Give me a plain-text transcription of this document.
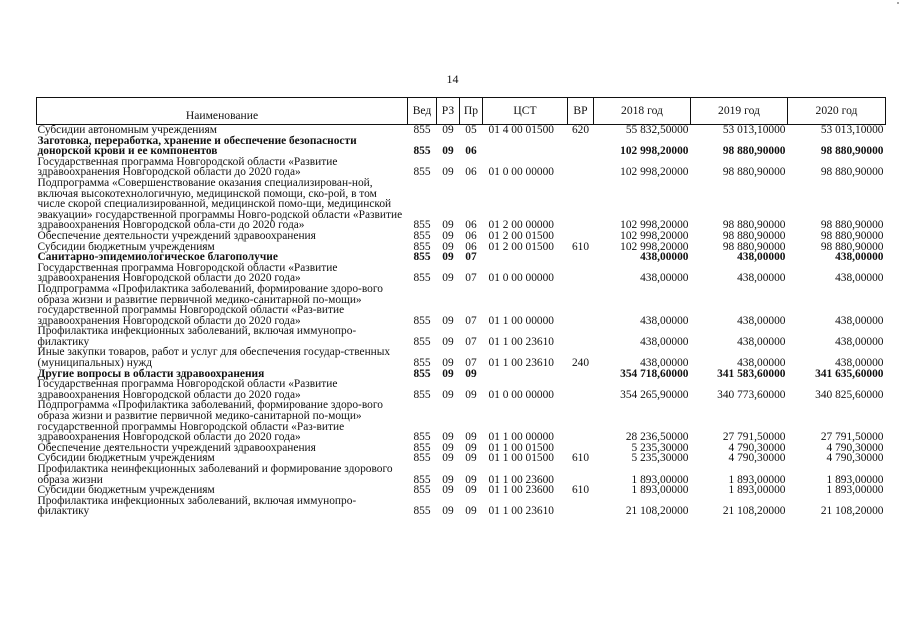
14
Наименование	Вед	РЗ	Пр	ЦСТ	ВР	2018 год	2019 год	2020 год
Субсидии автономным учреждениям	855	09	05	01 4 00 01500	620	55 832,50000	53 013,10000	53 013,10000
Заготовка, переработка, хранение и обеспечение безопасности донорской крови и ее компонентов	855	09	06			102 998,20000	98 880,90000	98 880,90000
Государственная программа Новгородской области «Развитие здравоохранения Новгородской области до 2020 года»	855	09	06	01 0 00 00000		102 998,20000	98 880,90000	98 880,90000
Подпрограмма «Совершенствование оказания специализирован-ной, включая высокотехнологичную, медицинской помощи, ско-рой, в том числе скорой специализированной, медицинской помо-щи, медицинской эвакуации» государственной программы Новго-родской области «Развитие здравоохранения Новгородской обла-сти до 2020 года»	855	09	06	01 2 00 00000		102 998,20000	98 880,90000	98 880,90000
Обеспечение деятельности учреждений здравоохранения	855	09	06	01 2 00 01500		102 998,20000	98 880,90000	98 880,90000
Субсидии бюджетным учреждениям	855	09	06	01 2 00 01500	610	102 998,20000	98 880,90000	98 880,90000
Санитарно-эпидемиологическое благополучие	855	09	07			438,00000	438,00000	438,00000
Государственная программа Новгородской области «Развитие здравоохранения Новгородской области до 2020 года»	855	09	07	01 0 00 00000		438,00000	438,00000	438,00000
Подпрограмма «Профилактика заболеваний, формирование здоро-вого образа жизни и развитие первичной медико-санитарной по-мощи» государственной программы Новгородской области «Раз-витие здравоохранения Новгородской области до 2020 года»	855	09	07	01 1 00 00000		438,00000	438,00000	438,00000
Профилактика инфекционных заболеваний, включая иммунопро-филактику	855	09	07	01 1 00 23610		438,00000	438,00000	438,00000
Иные закупки товаров, работ и услуг для обеспечения государ-ственных (муниципальных) нужд	855	09	07	01 1 00 23610	240	438,00000	438,00000	438,00000
Другие вопросы в области здравоохранения	855	09	09			354 718,60000	341 583,60000	341 635,60000
Государственная программа Новгородской области «Развитие здравоохранения Новгородской области до 2020 года»	855	09	09	01 0 00 00000		354 265,90000	340 773,60000	340 825,60000
Подпрограмма «Профилактика заболеваний, формирование здоро-вого образа жизни и развитие первичной медико-санитарной по-мощи» государственной программы Новгородской области «Раз-витие здравоохранения Новгородской области до 2020 года»	855	09	09	01 1 00 00000		28 236,50000	27 791,50000	27 791,50000
Обеспечение деятельности учреждений здравоохранения	855	09	09	01 1 00 01500		5 235,30000	4 790,30000	4 790,30000
Субсидии бюджетным учреждениям	855	09	09	01 1 00 01500	610	5 235,30000	4 790,30000	4 790,30000
Профилактика неинфекционных заболеваний и формирование здорового образа жизни	855	09	09	01 1 00 23600		1 893,00000	1 893,00000	1 893,00000
Субсидии бюджетным учреждениям	855	09	09	01 1 00 23600	610	1 893,00000	1 893,00000	1 893,00000
Профилактика инфекционных заболеваний, включая иммунопро-филактику	855	09	09	01 1 00 23610		21 108,20000	21 108,20000	21 108,20000
